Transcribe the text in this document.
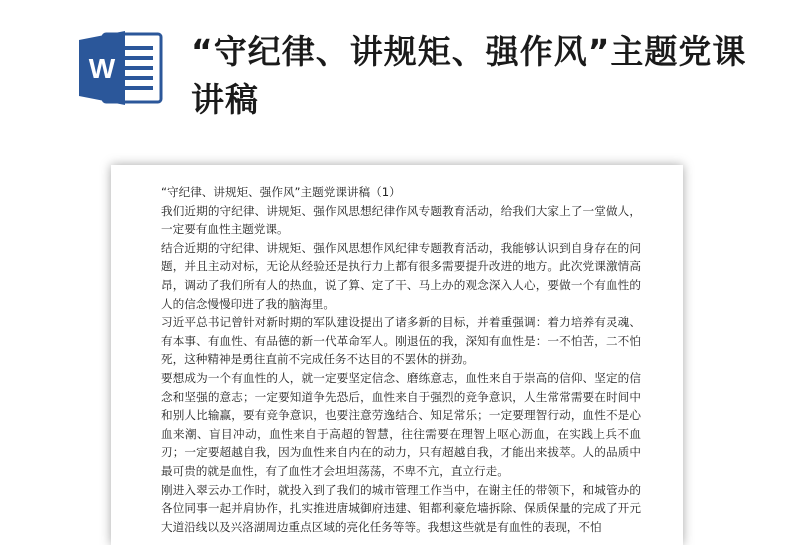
W “守纪律、讲规矩、强作风”主题党课讲稿

“守纪律、讲规矩、强作风”主题党课讲稿（1）

我们近期的守纪律、讲规矩、强作风思想纪律作风专题教育活动，给我们大家上了一堂做人，一定要有血性主题党课。

结合近期的守纪律、讲规矩、强作风思想作风纪律专题教育活动，我能够认识到自身存在的问题，并且主动对标，无论从经验还是执行力上都有很多需要提升改进的地方。此次党课激情高昂，调动了我们所有人的热血，说了算、定了干、马上办的观念深入人心，要做一个有血性的人的信念慢慢印进了我的脑海里。

习近平总书记曾针对新时期的军队建设提出了诸多新的目标，并着重强调：着力培养有灵魂、有本事、有血性、有品德的新一代革命军人。刚退伍的我，深知有血性是：一不怕苦，二不怕死，这种精神是勇往直前不完成任务不达目的不罢休的拼劲。

要想成为一个有血性的人，就一定要坚定信念、磨练意志，血性来自于崇高的信仰、坚定的信念和坚强的意志；一定要知道争先恐后，血性来自于强烈的竞争意识，人生常常需要在时间中和别人比输赢，要有竞争意识，也要注意劳逸结合、知足常乐；一定要理智行动，血性不是心血来潮、盲目冲动，血性来自于高超的智慧，往往需要在理智上呕心沥血，在实践上兵不血刃；一定要超越自我，因为血性来自内在的动力，只有超越自我，才能出来拔萃。人的品质中最可贵的就是血性，有了血性才会坦坦荡荡，不卑不亢，直立行走。

刚进入翠云办工作时，就投入到了我们的城市管理工作当中，在谢主任的带领下，和城管办的各位同事一起并肩协作，扎实推进唐城御府违建、钼都利豪危墙拆除、保质保量的完成了开元大道沿线以及兴洛湖周边重点区域的亮化任务等等。我想这些就是有血性的表现，不怕
